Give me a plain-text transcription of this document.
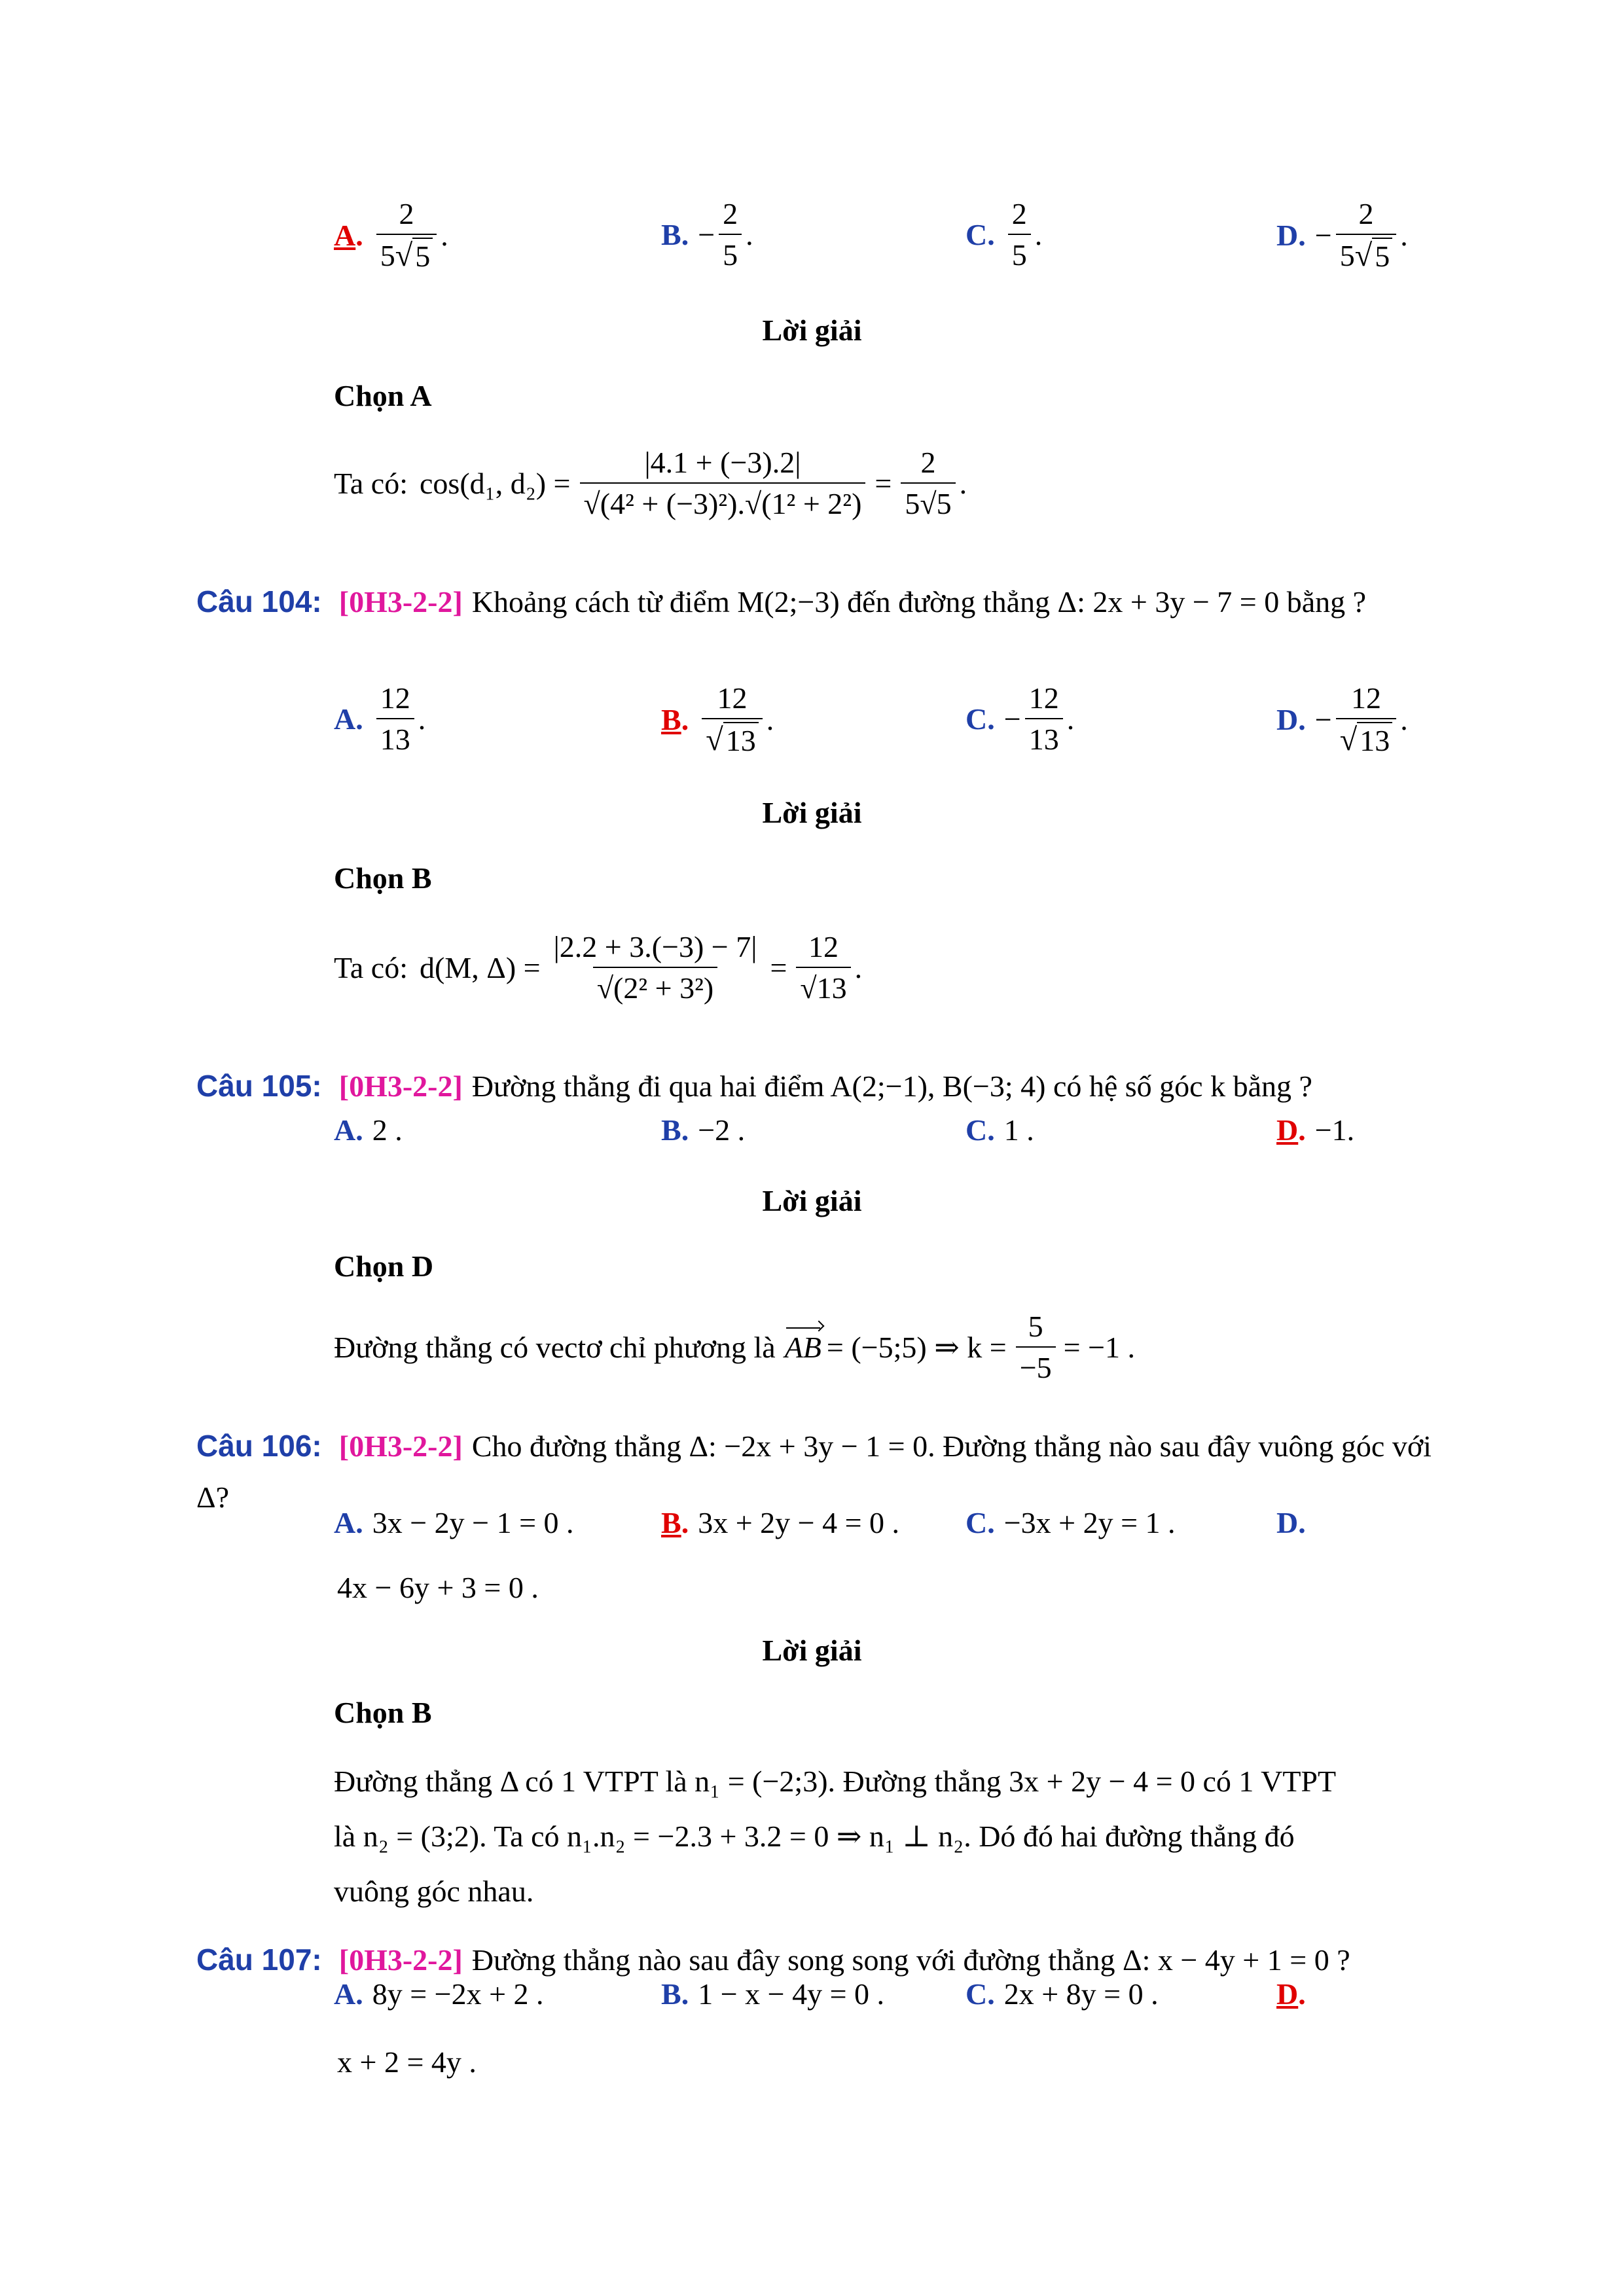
A . $\frac{2}{5 √ 5}$ .	B . − $\frac{2}{5}$ .	C . $\frac{2}{5}$ .	D . − $\frac{2}{5 √ 5}$ .
Lời giải
Chọn A
Ta có: cos(d₁, $d_2) = \frac{|4.1 + (-3).2|}{\text{√(4² + (−3)²).√(1² + 2²)}} = \frac{2}{5√5}$ .
Câu 104: [0H3-2-2] Khoảng cách từ điểm M(2;−3) đến đường thẳng Δ: 2x + 3y − 7 = 0 bằng ?
A . $\frac{12}{13}$ .	B . $\frac{12}{√ 13}$ .	C . − $\frac{12}{13}$ .	D . − $\frac{12}{√ 13}$ .
Lời giải
Chọn B
Ta có: d(M, $\Delta) = \frac{|2.2 + 3.(-3) - 7|}{\text{√(2² + 3²)}} = \frac{12}{√13}$ .
Câu 105: [0H3-2-2] Đường thẳng đi qua hai điểm A(2;−1), B(−3; 4) có hệ số góc k bằng ?
A . 2 .	B . −2 .	C . 1 .	D . −1.
Lời giải
Chọn D
Đường thẳng có vectơ chỉ phương là AB = (−5;5) ⇒ $k = \frac{5}{-5} = -1$ .
Câu 106: [0H3-2-2] Cho đường thẳng Δ: −2x + 3y − 1 = 0. Đường thẳng nào sau đây vuông góc với Δ?
A . 3x − 2y − 1 = 0 .	B . 3x + 2y − 4 = 0 . C . −3x + 2y = 1 .	D .
4x − 6y + 3 = 0 .
Lời giải
Chọn B
Đường thẳng Δ có 1 VTPT là n₁ = (−2;3). Đường thẳng 3x + 2y − 4 = 0 có 1 VTPT
là n₂ = (3;2). Ta có n₁.n₂ = −2.3 + 3.2 = 0 ⇒ n₁ ⊥ n₂. Dó đó hai đường thẳng đó
vuông góc nhau.
Câu 107: [0H3-2-2] Đường thẳng nào sau đây song song với đường thẳng Δ: x − 4y + 1 = 0 ?
A . 8y = −2x + 2 .	B . 1 − x − 4y = 0 .	C . 2x + 8y = 0 .	D .
x + 2 = 4y .
